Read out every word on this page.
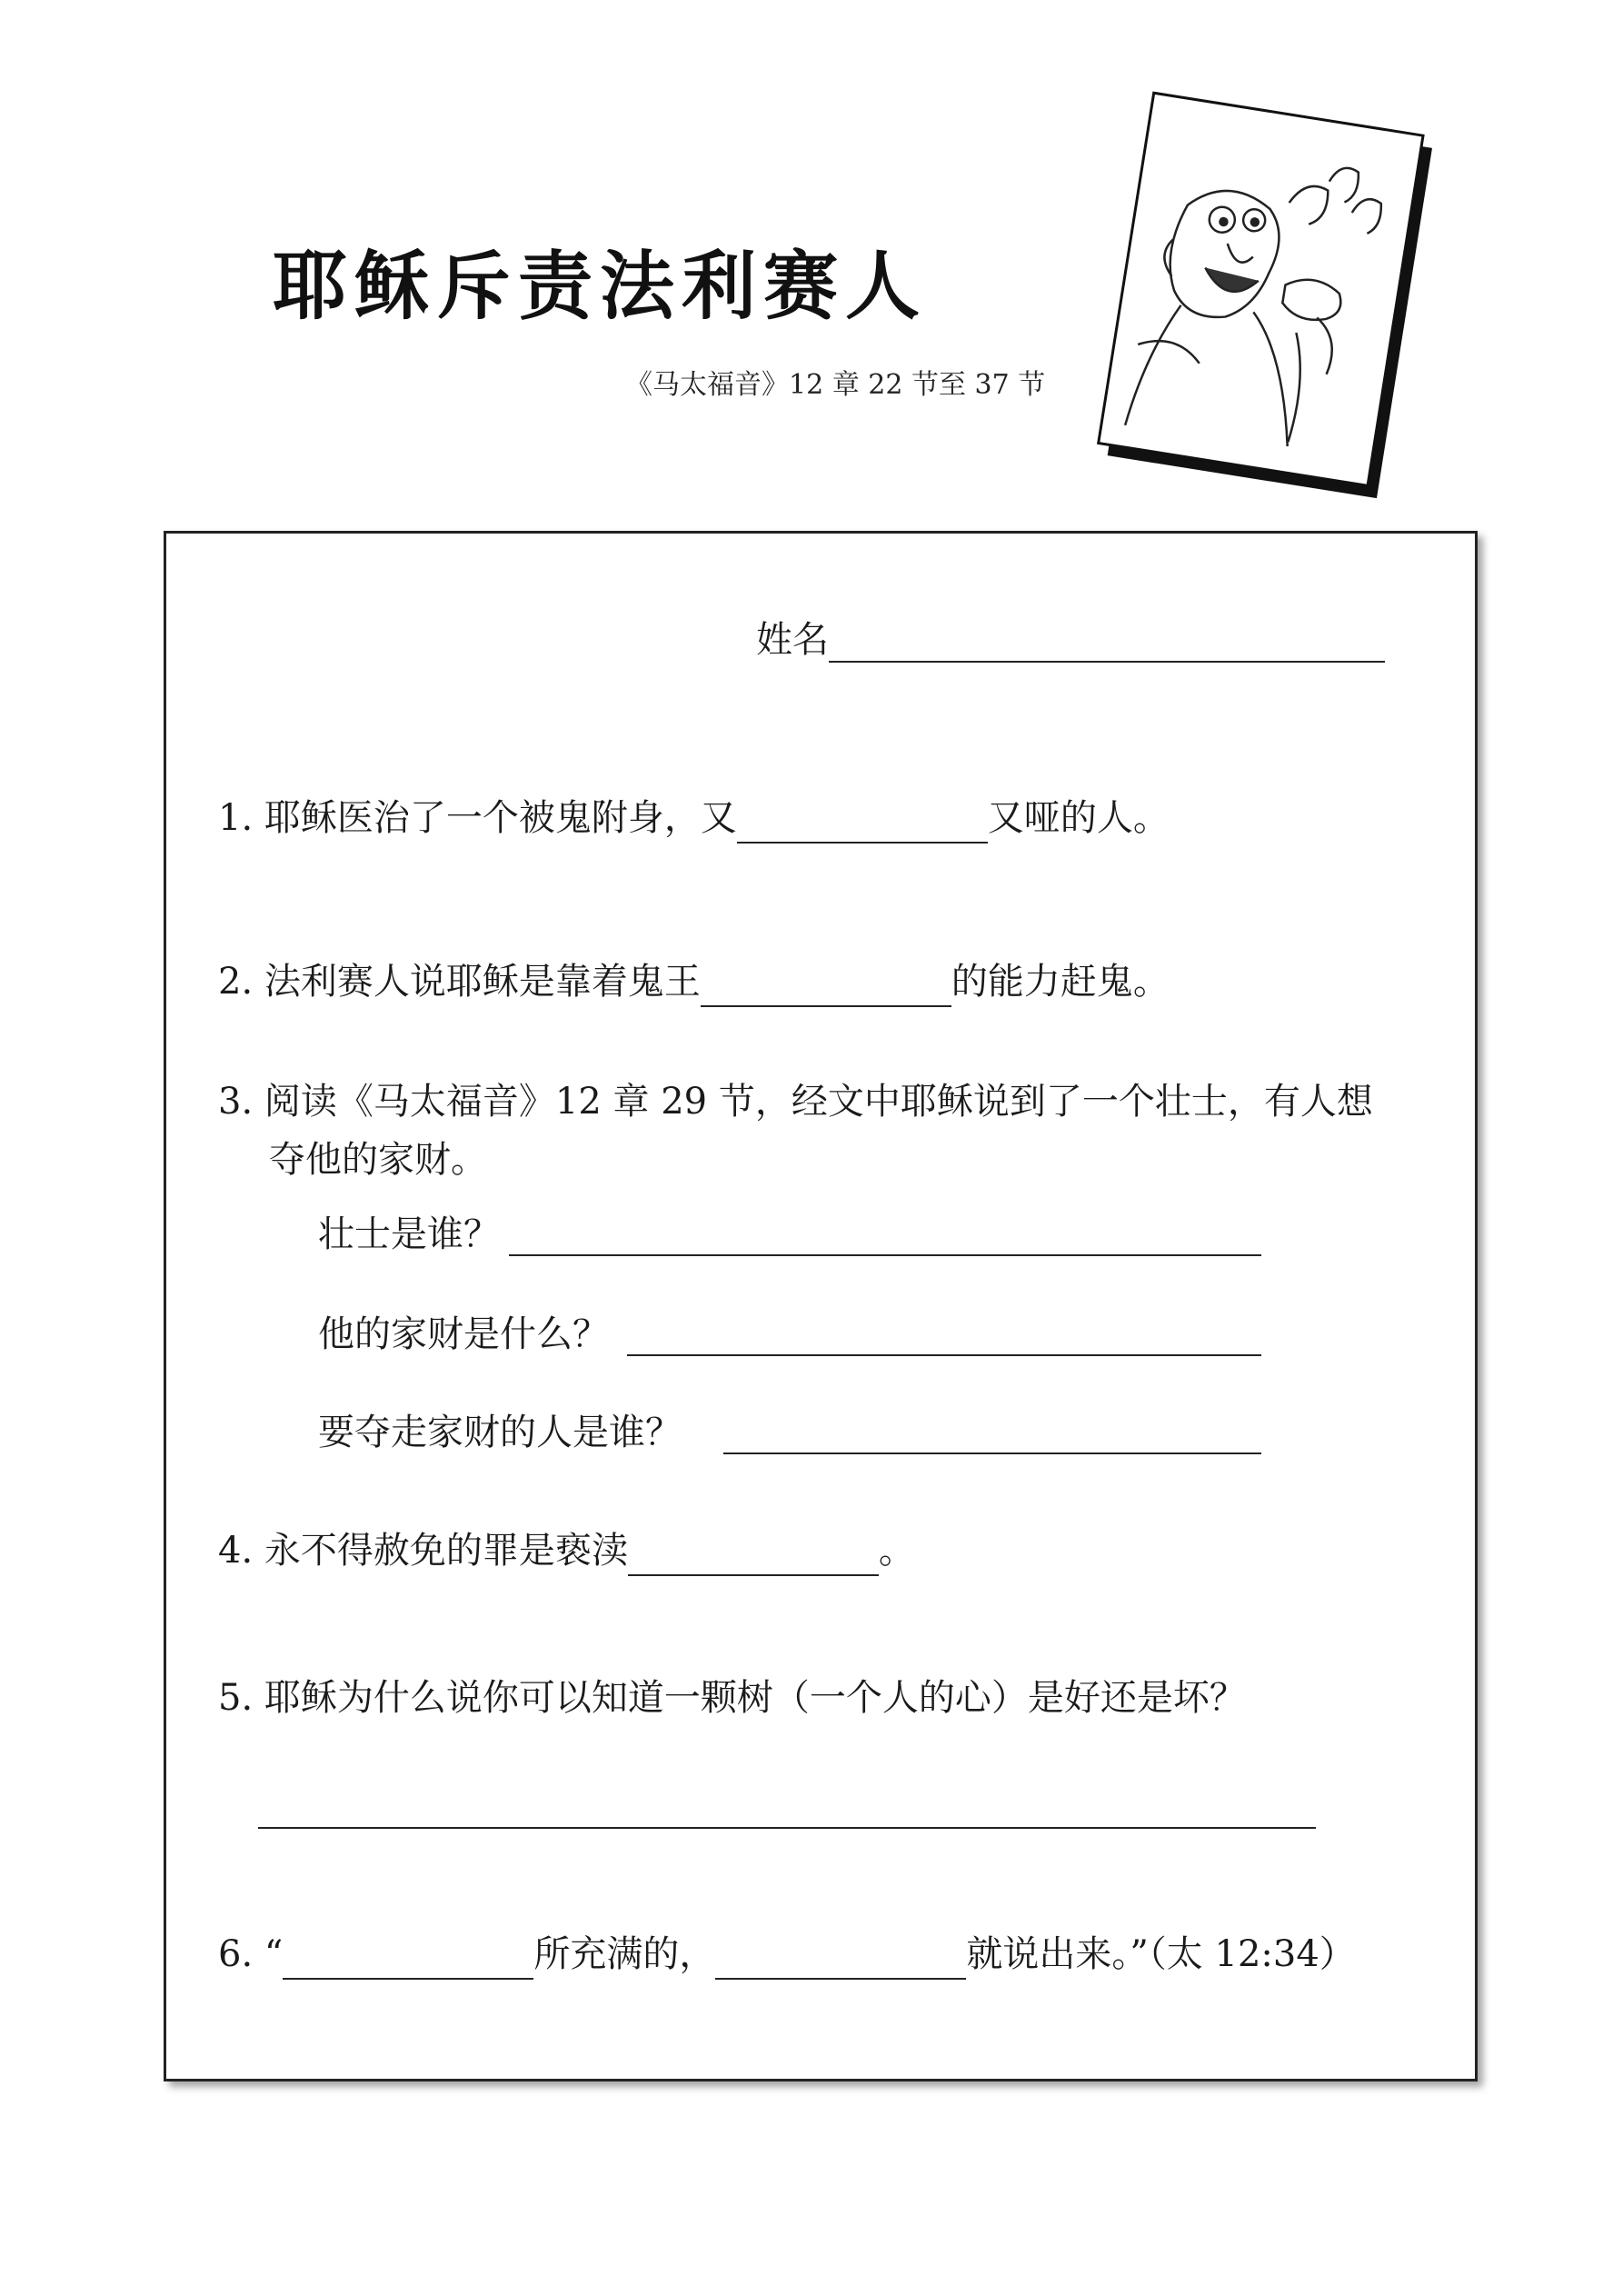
耶稣斥责法利赛人
《马太福音》12 章 22 节至 37 节
姓名
1. 耶稣医治了一个被鬼附身，又	又哑的人。
2. 法利赛人说耶稣是靠着鬼王	的能力赶鬼。
3. 阅读《马太福音》12 章 29 节，经文中耶稣说到了一个壮士，有人想
夺他的家财。
壮士是谁？
他的家财是什么？
要夺走家财的人是谁？
4. 永不得赦免的罪是亵渎	。
5. 耶稣为什么说你可以知道一颗树（一个人的心）是好还是坏？
6. “	所充满的，	就说出来。”（太 12:34）
